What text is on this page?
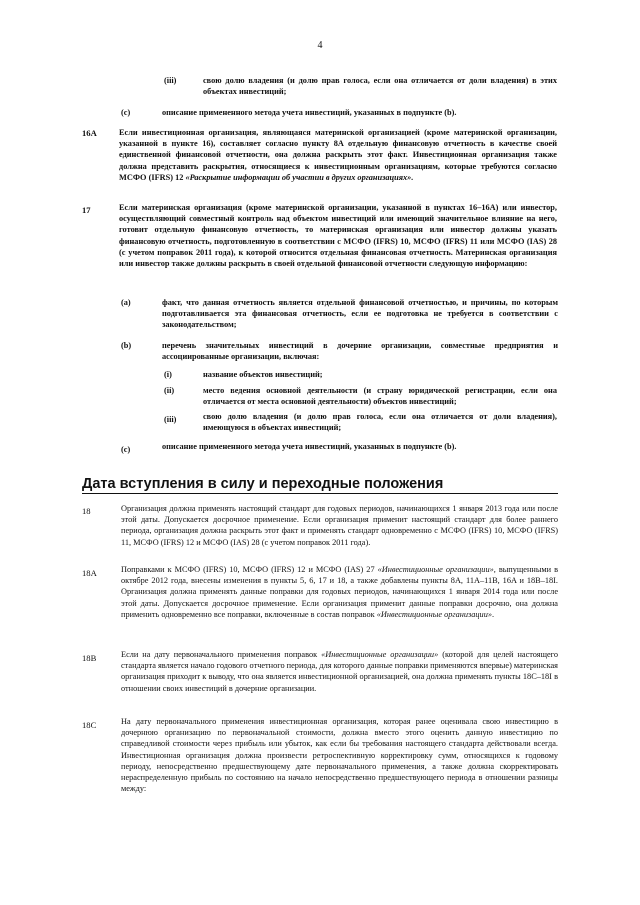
4
(iii)	свою долю владения (и долю прав голоса, если она отличается от доли владения) в этих объектах инвестиций;
(c)	описание примененного метода учета инвестиций, указанных в подпункте (b).
16A	Если инвестиционная организация, являющаяся материнской организацией (кроме материнской организации, указанной в пункте 16), составляет согласно пункту 8A отдельную финансовую отчетность в качестве своей единственной финансовой отчетности, она должна раскрыть этот факт. Инвестиционная организация также должна представить раскрытия, относящиеся к инвестиционным организациям, которые требуются согласно МСФО (IFRS) 12 «Раскрытие информации об участии в других организациях».
17	Если материнская организация (кроме материнской организации, указанной в пунктах 16–16A) или инвестор, осуществляющий совместный контроль над объектом инвестиций или имеющий значительное влияние на него, готовит отдельную финансовую отчетность, то материнская организация или инвестор должны указать финансовую отчетность, подготовленную в соответствии с МСФО (IFRS) 10, МСФО (IFRS) 11 или МСФО (IAS) 28 (с учетом поправок 2011 года), к которой относится отдельная финансовая отчетность. Материнская организация или инвестор также должны раскрыть в своей отдельной финансовой отчетности следующую информацию:
(a)	факт, что данная отчетность является отдельной финансовой отчетностью, и причины, по которым подготавливается эта финансовая отчетность, если ее подготовка не требуется в соответствии с законодательством;
(b)	перечень значительных инвестиций в дочерние организации, совместные предприятия и ассоциированные организации, включая:
(i)	название объектов инвестиций;
(ii)	место ведения основной деятельности (и страну юридической регистрации, если она отличается от места основной деятельности) объектов инвестиций;
(iii)	свою долю владения (и долю прав голоса, если она отличается от доли владения), имеющуюся в объектах инвестиций;
(c)	описание примененного метода учета инвестиций, указанных в подпункте (b).
Дата вступления в силу и переходные положения
18	Организация должна применять настоящий стандарт для годовых периодов, начинающихся 1 января 2013 года или после этой даты. Допускается досрочное применение. Если организация применит настоящий стандарт для более раннего периода, организация должна раскрыть этот факт и применять стандарт одновременно с МСФО (IFRS) 10, МСФО (IFRS) 11, МСФО (IFRS) 12 и МСФО (IAS) 28 (с учетом поправок 2011 года).
18A	Поправками к МСФО (IFRS) 10, МСФО (IFRS) 12 и МСФО (IAS) 27 «Инвестиционные организации», выпущенными в октябре 2012 года, внесены изменения в пункты 5, 6, 17 и 18, а также добавлены пункты 8A, 11A–11B, 16A и 18B–18I. Организация должна применять данные поправки для годовых периодов, начинающихся 1 января 2014 года или после этой даты. Допускается досрочное применение. Если организация применит данные поправки досрочно, она должна применить одновременно все поправки, включенные в состав поправок «Инвестиционные организации».
18B	Если на дату первоначального применения поправок «Инвестиционные организации» (которой для целей настоящего стандарта является начало годового отчетного периода, для которого данные поправки применяются впервые) материнская организация приходит к выводу, что она является инвестиционной организацией, она должна применять пункты 18C–18I в отношении своих инвестиций в дочерние организации.
18C	На дату первоначального применения инвестиционная организация, которая ранее оценивала свою инвестицию в дочернюю организацию по первоначальной стоимости, должна вместо этого оценить данную инвестицию по справедливой стоимости через прибыль или убыток, как если бы требования настоящего стандарта действовали всегда. Инвестиционная организация должна произвести ретроспективную корректировку сумм, относящихся к годовому периоду, непосредственно предшествующему дате первоначального применения, а также должна скорректировать нераспределенную прибыль по состоянию на начало непосредственно предшествующего периода в отношении разницы между:
